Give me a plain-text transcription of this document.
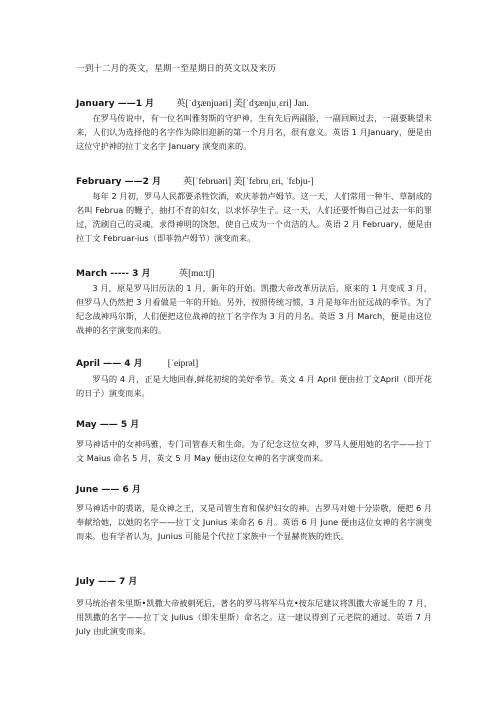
一到十二月的英文，星期一至星期日的英文以及来历
January ——1 月 英[ˈdʒænjuəri] 美[ˈdʒænjuˌɛri] Jan.
在罗马传说中，有一位名叫雅努斯的守护神，生有先后两副脸，一副回顾过去，一副要眺望未来，人们认为选择他的名字作为除旧迎新的第一个月月名，很有意义。英语 1 月January，便是由这位守护神的拉丁文名字 January 演变而来的。
February ——2 月 英[ˈfebruəri] 美[ˈfɛbruˌɛri, ˈfɛbju-]
每年 2 月初，罗马人民都要杀牲饮酒，欢庆菲勃卢姆节。这一天，人们常用一种牛、草制成的名叫 Februa 的鞭子，抽打不育的妇女，以求怀孕生子。这一天，人们还要忏悔自己过去一年的罪过，洗刷自己的灵魂，求得神明的饶恕，使自己成为一个贞洁的人。英语 2 月 February，便是由拉丁文 Februar-ius（即菲勃卢姆节）演变而来。
March ----- 3 月	英[mɑːtʃ]
3 月，原是罗马旧历法的 1 月，新年的开始。凯撒大帝改革历法后，原来的 1 月变成 3 月，但罗马人仍然把 3 月看做是一年的开始。另外，按照传统习惯，3 月是每年出征远战的季节。为了纪念战神玛尔斯，人们便把这位战神的拉丁名字作为 3 月的月名。英语 3 月 March，便是由这位战神的名字演变而来的。
April —— 4 月	[ˈeiprəl]
罗马的 4 月，正是大地回春,鲜花初绽的美好季节。英文 4 月 April 便由拉丁文April（即开花的日子）演变而来。
May —— 5 月
罗马神话中的女神玛雅，专门司管春天和生命。为了纪念这位女神，罗马人便用她的名字——拉丁文 Maius 命名 5 月，英文 5 月 May 便由这位女神的名字演变而来。
June —— 6 月
罗马神话中的裘诺，是众神之王，又是司管生育和保护妇女的神。古罗马对她十分崇敬，便把 6 月奉献给她，以她的名字——拉丁文 Junius 来命名 6 月。英语 6 月 June 便由这位女神的名字演变而来。也有学者认为，Junius 可能是个代拉丁家族中一个显赫贵族的姓氏。
July —— 7 月
罗马统治者朱里斯•凯撒大帝被刺死后，著名的罗马将军马克•按东尼建议将凯撒大帝诞生的 7 月，用凯撒的名字——拉丁文 Julius（即朱里斯）命名之。这一建议得到了元老院的通过。英语 7 月 July 由此演变而来。
